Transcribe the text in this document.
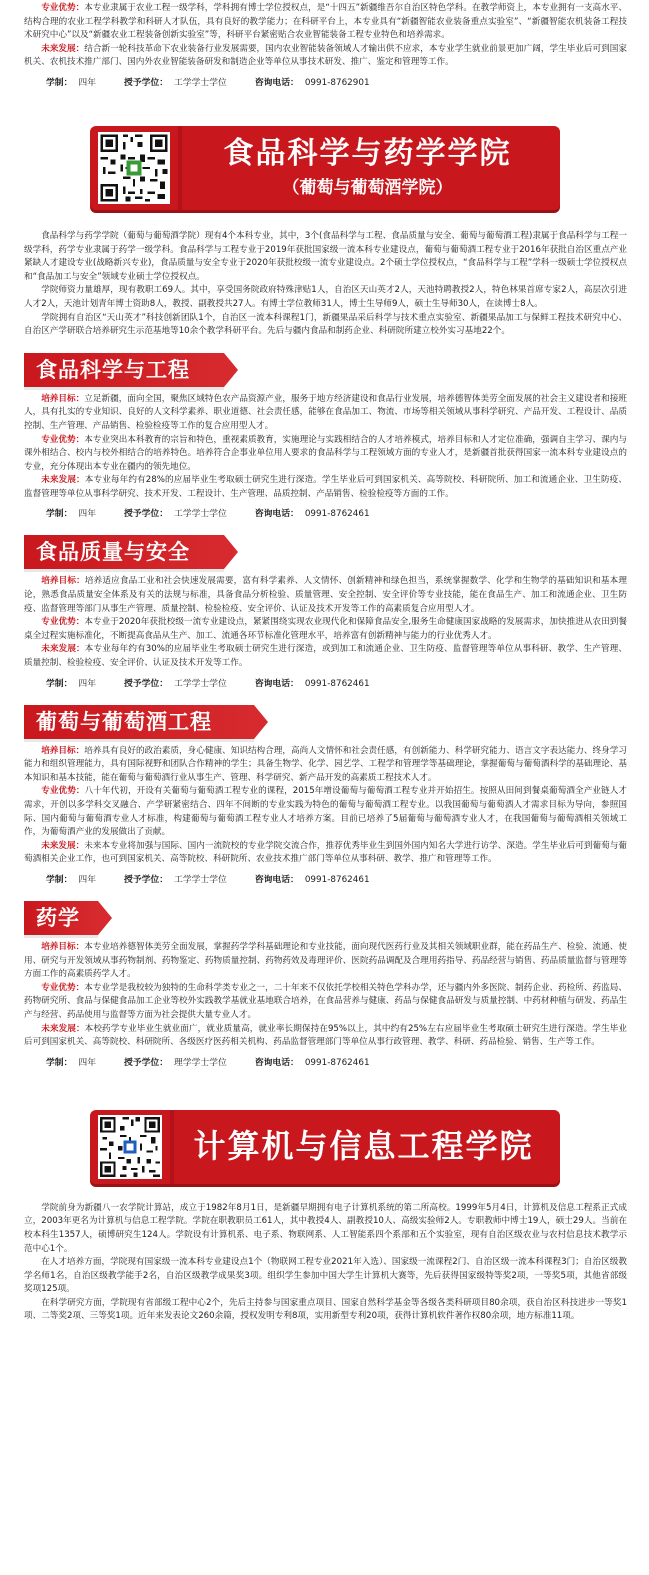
专业优势：本专业隶属于农业工程一级学科，学科拥有博士学位授权点，是“十四五”新疆维吾尔自治区特色学科。在教学师资上，本专业拥有一支高水平、结构合理的农业工程学科教学和科研人才队伍，具有良好的教学能力；在科研平台上，本专业具有“新疆智能农业装备重点实验室”、“新疆智能农机装备工程技术研究中心”以及“新疆农业工程装备创新实验室”等，科研平台紧密贴合农业智能装备工程专业特色和培养需求。

未来发展：结合新一轮科技革命下农业装备行业发展需要，国内农业智能装备领域人才输出供不应求，本专业学生就业前景更加广阔，学生毕业后可到国家机关、农机技术推广部门、国内外农业智能装备研发和制造企业等单位从事技术研发、推广、鉴定和管理等工作。

学制： 四年	授予学位： 工学学士学位	咨询电话： 0991-8762901
食品科学与药学学院
（葡萄与葡萄酒学院）

食品科学与药学学院（葡萄与葡萄酒学院）现有4个本科专业，其中，3个(食品科学与工程、食品质量与安全、葡萄与葡萄酒工程)隶属于食品科学与工程一级学科，药学专业隶属于药学一级学科。食品科学与工程专业于2019年获批国家级一流本科专业建设点，葡萄与葡萄酒工程专业于2016年获批自治区重点产业紧缺人才建设专业(战略新兴专业)，食品质量与安全专业于2020年获批校级一流专业建设点。2个硕士学位授权点，“食品科学与工程”学科一级硕士学位授权点和“食品加工与安全”领域专业硕士学位授权点。

学院师资力量雄厚，现有教职工69人。其中，享受国务院政府特殊津贴1人，自治区天山英才2人，天池特聘教授2人，特色林果首席专家2人，高层次引进人才2人，天池计划青年博士资助8人，教授、副教授共27人。有博士学位教师31人，博士生导师9人，硕士生导师30人，在读博士8人。

学院拥有自治区“天山英才”科技创新团队1个，自治区一流本科课程1门，新疆果品采后科学与技术重点实验室、新疆果品加工与保鲜工程技术研究中心、自治区产学研联合培养研究生示范基地等10余个教学科研平台。先后与疆内食品和制药企业、科研院所建立校外实习基地22个。

食品科学与工程

培养目标：立足新疆，面向全国，聚焦区域特色农产品资源产业，服务于地方经济建设和食品行业发展，培养德智体美劳全面发展的社会主义建设者和接班人，具有扎实的专业知识、良好的人文科学素养、职业道德、社会责任感，能够在食品加工、物流、市场等相关领域从事科学研究、产品开发、工程设计、品质控制、生产管理、产品销售、检验检疫等工作的复合应用型人才。

专业优势：本专业突出本科教育的宗旨和特色，重视素质教育，实施理论与实践相结合的人才培养模式，培养目标和人才定位准确，强调自主学习、课内与课外相结合、校内与校外相结合的培养特色。培养符合企事业单位用人要求的食品科学与工程领域方面的专业人才，是新疆首批获得国家一流本科专业建设点的专业，充分体现出本专业在疆内的领先地位。

未来发展：本专业每年约有28%的应届毕业生考取硕士研究生进行深造。学生毕业后可到国家机关、高等院校、科研院所、加工和流通企业、卫生防疫、监督管理等单位从事科学研究、技术开发、工程设计、生产管理、品质控制、产品销售、检验检疫等方面的工作。

学制： 四年	授予学位： 工学学士学位	咨询电话： 0991-8762461
食品质量与安全

培养目标：培养适应食品工业和社会快速发展需要，富有科学素养、人文情怀、创新精神和绿色担当，系统掌握数学、化学和生物学的基础知识和基本理论，熟悉食品质量安全体系及有关的法规与标准，具备食品分析检验、质量管理、安全控制、安全评价等专业技能，能在食品生产、加工和流通企业、卫生防疫、监督管理等部门从事生产管理、质量控制、检验检疫、安全评价、认证及技术开发等工作的高素质复合应用型人才。

专业优势：本专业于2020年获批校级一流专业建设点，紧紧围绕实现农业现代化和保障食品安全,服务生命健康国家战略的发展需求，加快推进从农田到餐桌全过程实施标准化，不断提高食品从生产、加工、流通各环节标准化管理水平，培养富有创新精神与能力的行业优秀人才。

未来发展：本专业每年约有30%的应届毕业生考取硕士研究生进行深造，或到加工和流通企业、卫生防疫、监督管理等单位从事科研、教学、生产管理、质量控制、检验检疫、安全评价、认证及技术开发等工作。

学制： 四年	授予学位： 工学学士学位	咨询电话： 0991-8762461
葡萄与葡萄酒工程

培养目标：培养具有良好的政治素质，身心健康、知识结构合理，高尚人文情怀和社会责任感，有创新能力、科学研究能力、语言文字表达能力、终身学习能力和组织管理能力，具有国际视野和团队合作精神的学生；具备生物学、化学、园艺学、工程学和管理学等基础理论，掌握葡萄与葡萄酒科学的基础理论、基本知识和基本技能，能在葡萄与葡萄酒行业从事生产、管理、科学研究、新产品开发的高素质工程技术人才。

专业优势：八十年代初，开设有关葡萄与葡萄酒工程专业的课程，2015年增设葡萄与葡萄酒工程专业并开始招生。按照从田间到餐桌葡萄酒全产业链人才需求，开创以多学科交叉融合、产学研紧密结合、四年不间断的专业实践为特色的葡萄与葡萄酒工程专业。以我国葡萄与葡萄酒人才需求目标为导向，参照国际、国内葡萄与葡萄酒专业人才标准，构建葡萄与葡萄酒工程专业人才培养方案。目前已培养了5届葡萄与葡萄酒专业人才，在我国葡萄与葡萄酒相关领域工作，为葡萄酒产业的发展做出了贡献。

未来发展：未来本专业将加强与国际、国内一流院校的专业学院交流合作，推荐优秀毕业生到国外国内知名大学进行访学、深造。学生毕业后可到葡萄与葡萄酒相关企业工作，也可到国家机关、高等院校、科研院所、农业技术推广部门等单位从事科研、教学、推广和管理等工作。

学制： 四年	授予学位： 工学学士学位	咨询电话： 0991-8762461
药学

培养目标：本专业培养德智体美劳全面发展，掌握药学学科基础理论和专业技能，面向现代医药行业及其相关领域职业群，能在药品生产、检验、流通、使用、研究与开发领域从事药物制剂、药物鉴定、药物质量控制、药物药效及毒理评价、医院药品调配及合理用药指导、药品经营与销售、药品质量监督与管理等方面工作的高素质药学人才。

专业优势：本专业学是我校较为独特的生命科学类专业之一，二十年来不仅依托学校相关特色学科办学，还与疆内外多医院、制药企业、药检所、药监局、药物研究所、食品与保健食品加工企业等校外实践教学基就业基地联合培养，在食品营养与健康、药品与保健食品研发与质量控制、中药材种植与研发、药品生产与经营、药品使用与监督等方面为社会提供大量专业人才。

未来发展：本校药学专业毕业生就业面广，就业质量高，就业率长期保持在95%以上，其中约有25%左右应届毕业生考取硕士研究生进行深造。学生毕业后可到国家机关、高等院校、科研院所、各级医疗医药相关机构、药品监督管理部门等单位从事行政管理、教学、科研、药品检验、销售、生产等工作。

学制： 四年	授予学位： 理学学士学位	咨询电话： 0991-8762461
计算机与信息工程学院

学院前身为新疆八一农学院计算站，成立于1982年8月1日，是新疆早期拥有电子计算机系统的第二所高校。1999年5月4日，计算机及信息工程系正式成立，2003年更名为计算机与信息工程学院。学院在职教职员工61人，其中教授4人、副教授10人、高级实验师2人。专职教师中博士19人，硕士29人。当前在校本科生1357人，硕博研究生124人。学院设有计算机系、电子系、物联网系、人工智能系四个系部和五个实验室，现有自治区级农业与农村信息技术教学示范中心1个。

在人才培养方面，学院现有国家级一流本科专业建设点1个（物联网工程专业2021年入选）、国家级一流课程2门、自治区级一流本科课程3门；自治区级教学名师1名，自治区级教学能手2名，自治区级教学成果奖3项。组织学生参加中国大学生计算机大赛等，先后获得国家级特等奖2项，一等奖5项，其他省部级奖项125项。

在科学研究方面，学院现有省部级工程中心2个，先后主持参与国家重点项目、国家自然科学基金等各级各类科研项目80余项，获自治区科技进步一等奖1项、二等奖2项、三等奖1项。近年来发表论文260余篇，授权发明专利8项，实用新型专利20项，获得计算机软件著作权80余项，地方标准11项。
